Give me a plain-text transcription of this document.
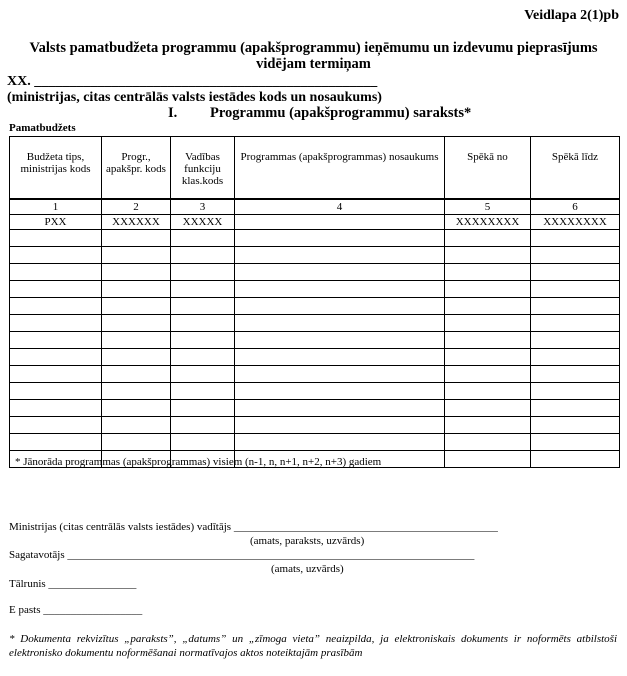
Veidlapa 2(1)pb
Valsts pamatbudžeta programmu (apakšprogrammu) ieņēmumu un izdevumu pieprasījums
vidējam termiņam
XX. _________________________________________________
(ministrijas, citas centrālās valsts iestādes kods un nosaukums)
I. Programmu (apakšprogrammu) saraksts*
Pamatbudžets
Budžeta tips, ministrijas kods	Progr., apakšpr. kods	Vadības funkciju klas.kods	Programmas (apakšprogrammas) nosaukums	Spēkā no	Spēkā līdz
1	2	3	4	5	6
PXX	XXXXXX	XXXXX		XXXXXXXX	XXXXXXXX

* Jānorāda programmas (apakšprogrammas) visiem (n-1, n, n+1, n+2, n+3) gadiem
Ministrijas (citas centrālās valsts iestādes) vadītājs ________________________________________________
(amats, paraksts, uzvārds)
Sagatavotājs __________________________________________________________________________
(amats, uzvārds)
Tālrunis ________________
E pasts __________________
* Dokumenta rekvizītus „paraksts”, „datums” un „zīmoga vieta” neaizpilda, ja elektroniskais dokuments ir noformēts atbilstoši elektronisko dokumentu noformēšanai normatīvajos aktos noteiktajām prasībām
